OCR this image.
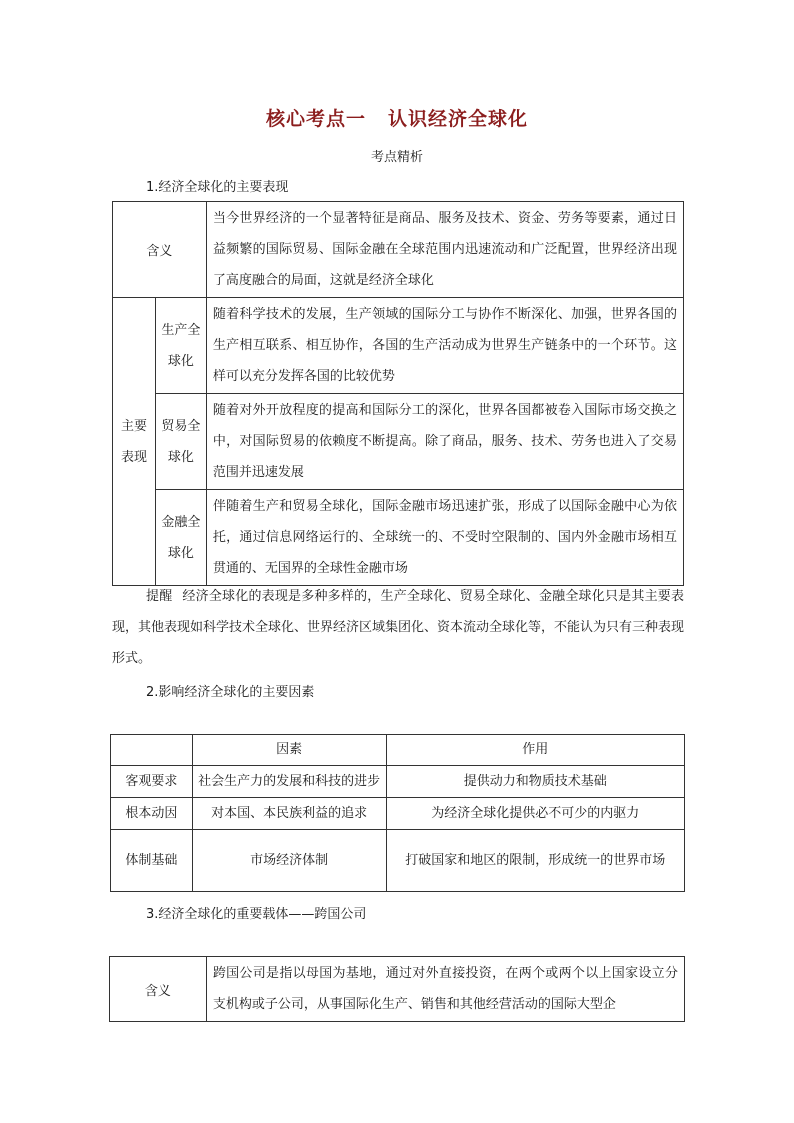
核心考点一 认识经济全球化
考点精析
1.经济全球化的主要表现
含义		当今世界经济的一个显著特征是商品、服务及技术、资金、劳务等要素，通过日益频繁的国际贸易、国际金融在全球范围内迅速流动和广泛配置，世界经济出现了高度融合的局面，这就是经济全球化
主要表现	生产全球化	随着科学技术的发展，生产领域的国际分工与协作不断深化、加强，世界各国的生产相互联系、相互协作，各国的生产活动成为世界生产链条中的一个环节。这样可以充分发挥各国的比较优势
	贸易全球化	随着对外开放程度的提高和国际分工的深化，世界各国都被卷入国际市场交换之中，对国际贸易的依赖度不断提高。除了商品，服务、技术、劳务也进入了交易范围并迅速发展
	金融全球化	伴随着生产和贸易全球化，国际金融市场迅速扩张，形成了以国际金融中心为依托，通过信息网络运行的、全球统一的、不受时空限制的、国内外金融市场相互贯通的、无国界的全球性金融市场
提醒 经济全球化的表现是多种多样的，生产全球化、贸易全球化、金融全球化只是其主要表现，其他表现如科学技术全球化、世界经济区域集团化、资本流动全球化等，不能认为只有三种表现形式。
2.影响经济全球化的主要因素
	因素	作用
客观要求	社会生产力的发展和科技的进步	提供动力和物质技术基础
根本动因	对本国、本民族利益的追求	为经济全球化提供必不可少的内驱力
体制基础	市场经济体制	打破国家和地区的限制，形成统一的世界市场
3.经济全球化的重要载体——跨国公司
含义	跨国公司是指以母国为基地，通过对外直接投资，在两个或两个以上国家设立分支机构或子公司，从事国际化生产、销售和其他经营活动的国际大型企
